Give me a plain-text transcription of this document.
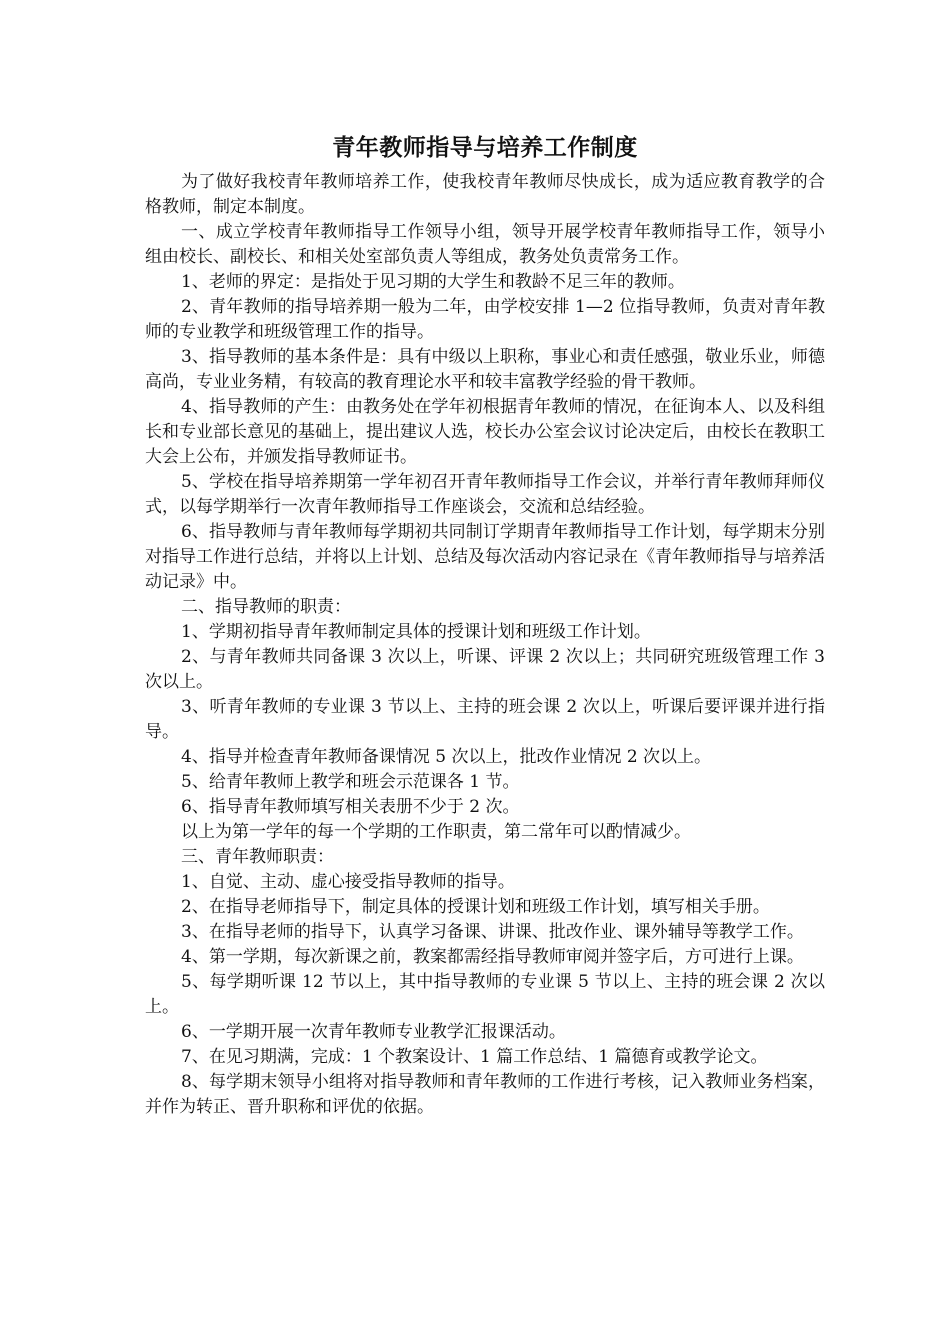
青年教师指导与培养工作制度

为了做好我校青年教师培养工作，使我校青年教师尽快成长，成为适应教育教学的合格教师，制定本制度。

一、成立学校青年教师指导工作领导小组，领导开展学校青年教师指导工作，领导小组由校长、副校长、和相关处室部负责人等组成，教务处负责常务工作。

1、老师的界定：是指处于见习期的大学生和教龄不足三年的教师。

2、青年教师的指导培养期一般为二年，由学校安排 1—2 位指导教师，负责对青年教师的专业教学和班级管理工作的指导。

3、指导教师的基本条件是：具有中级以上职称，事业心和责任感强，敬业乐业，师德高尚，专业业务精，有较高的教育理论水平和较丰富教学经验的骨干教师。

4、指导教师的产生：由教务处在学年初根据青年教师的情况，在征询本人、以及科组长和专业部长意见的基础上，提出建议人选，校长办公室会议讨论决定后，由校长在教职工大会上公布，并颁发指导教师证书。

5、学校在指导培养期第一学年初召开青年教师指导工作会议，并举行青年教师拜师仪式，以每学期举行一次青年教师指导工作座谈会，交流和总结经验。

6、指导教师与青年教师每学期初共同制订学期青年教师指导工作计划，每学期末分别对指导工作进行总结，并将以上计划、总结及每次活动内容记录在《青年教师指导与培养活动记录》中。

二、指导教师的职责：

1、学期初指导青年教师制定具体的授课计划和班级工作计划。

2、与青年教师共同备课 3 次以上，听课、评课 2 次以上；共同研究班级管理工作 3 次以上。

3、听青年教师的专业课 3 节以上、主持的班会课 2 次以上，听课后要评课并进行指导。

4、指导并检查青年教师备课情况 5 次以上，批改作业情况 2 次以上。

5、给青年教师上教学和班会示范课各 1 节。

6、指导青年教师填写相关表册不少于 2 次。

以上为第一学年的每一个学期的工作职责，第二常年可以酌情减少。

三、青年教师职责：

1、自觉、主动、虚心接受指导教师的指导。

2、在指导老师指导下，制定具体的授课计划和班级工作计划，填写相关手册。

3、在指导老师的指导下，认真学习备课、讲课、批改作业、课外辅导等教学工作。

4、第一学期，每次新课之前，教案都需经指导教师审阅并签字后，方可进行上课。

5、每学期听课 12 节以上，其中指导教师的专业课 5 节以上、主持的班会课 2 次以上。

6、一学期开展一次青年教师专业教学汇报课活动。

7、在见习期满，完成：1 个教案设计、1 篇工作总结、1 篇德育或教学论文。

8、每学期末领导小组将对指导教师和青年教师的工作进行考核，记入教师业务档案，并作为转正、晋升职称和评优的依据。
